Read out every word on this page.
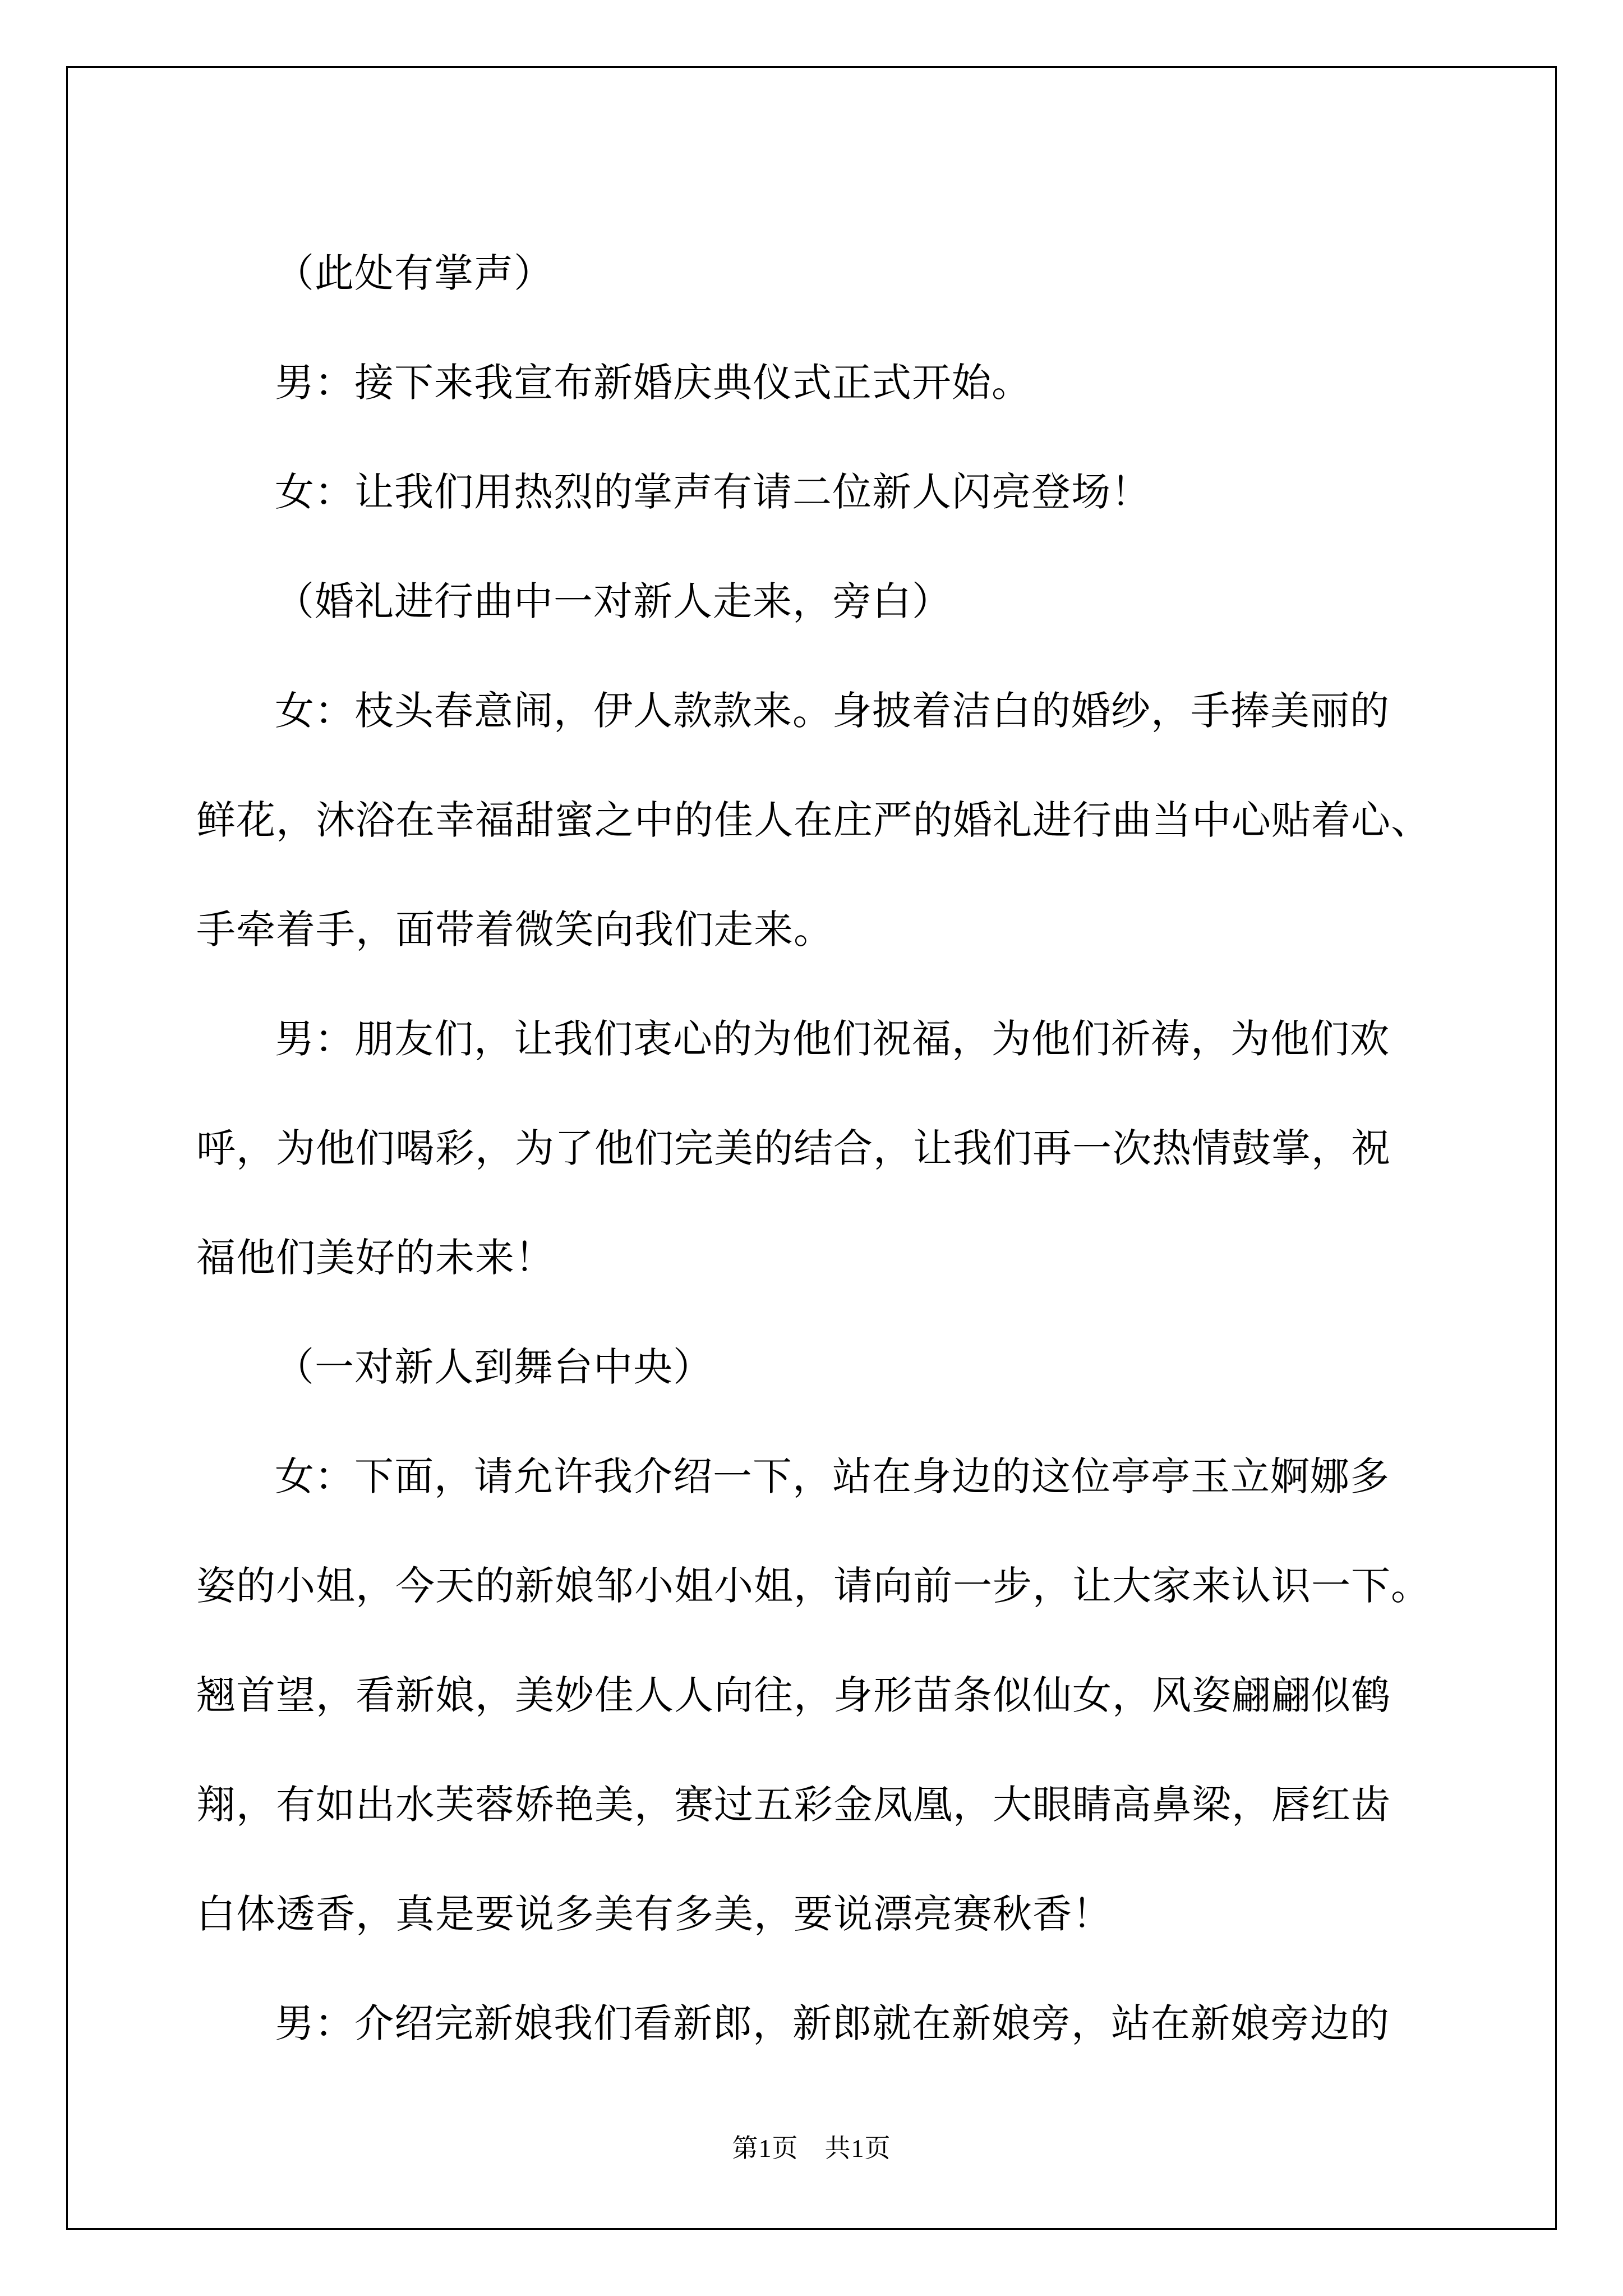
（此处有掌声）

男：接下来我宣布新婚庆典仪式正式开始。

女：让我们用热烈的掌声有请二位新人闪亮登场！

（婚礼进行曲中一对新人走来，旁白）

女：枝头春意闹，伊人款款来。身披着洁白的婚纱，手捧美丽的
鲜花，沐浴在幸福甜蜜之中的佳人在庄严的婚礼进行曲当中心贴着心、
手牵着手，面带着微笑向我们走来。

男：朋友们，让我们衷心的为他们祝福，为他们祈祷，为他们欢
呼，为他们喝彩，为了他们完美的结合，让我们再一次热情鼓掌，祝
福他们美好的未来！

（一对新人到舞台中央）

女：下面，请允许我介绍一下，站在身边的这位亭亭玉立婀娜多
姿的小姐，今天的新娘邹小姐小姐，请向前一步，让大家来认识一下。
翘首望，看新娘，美妙佳人人向往，身形苗条似仙女，风姿翩翩似鹤
翔，有如出水芙蓉娇艳美，赛过五彩金凤凰，大眼睛高鼻梁，唇红齿
白体透香，真是要说多美有多美，要说漂亮赛秋香！

男：介绍完新娘我们看新郎，新郎就在新娘旁，站在新娘旁边的

第1页　共1页
